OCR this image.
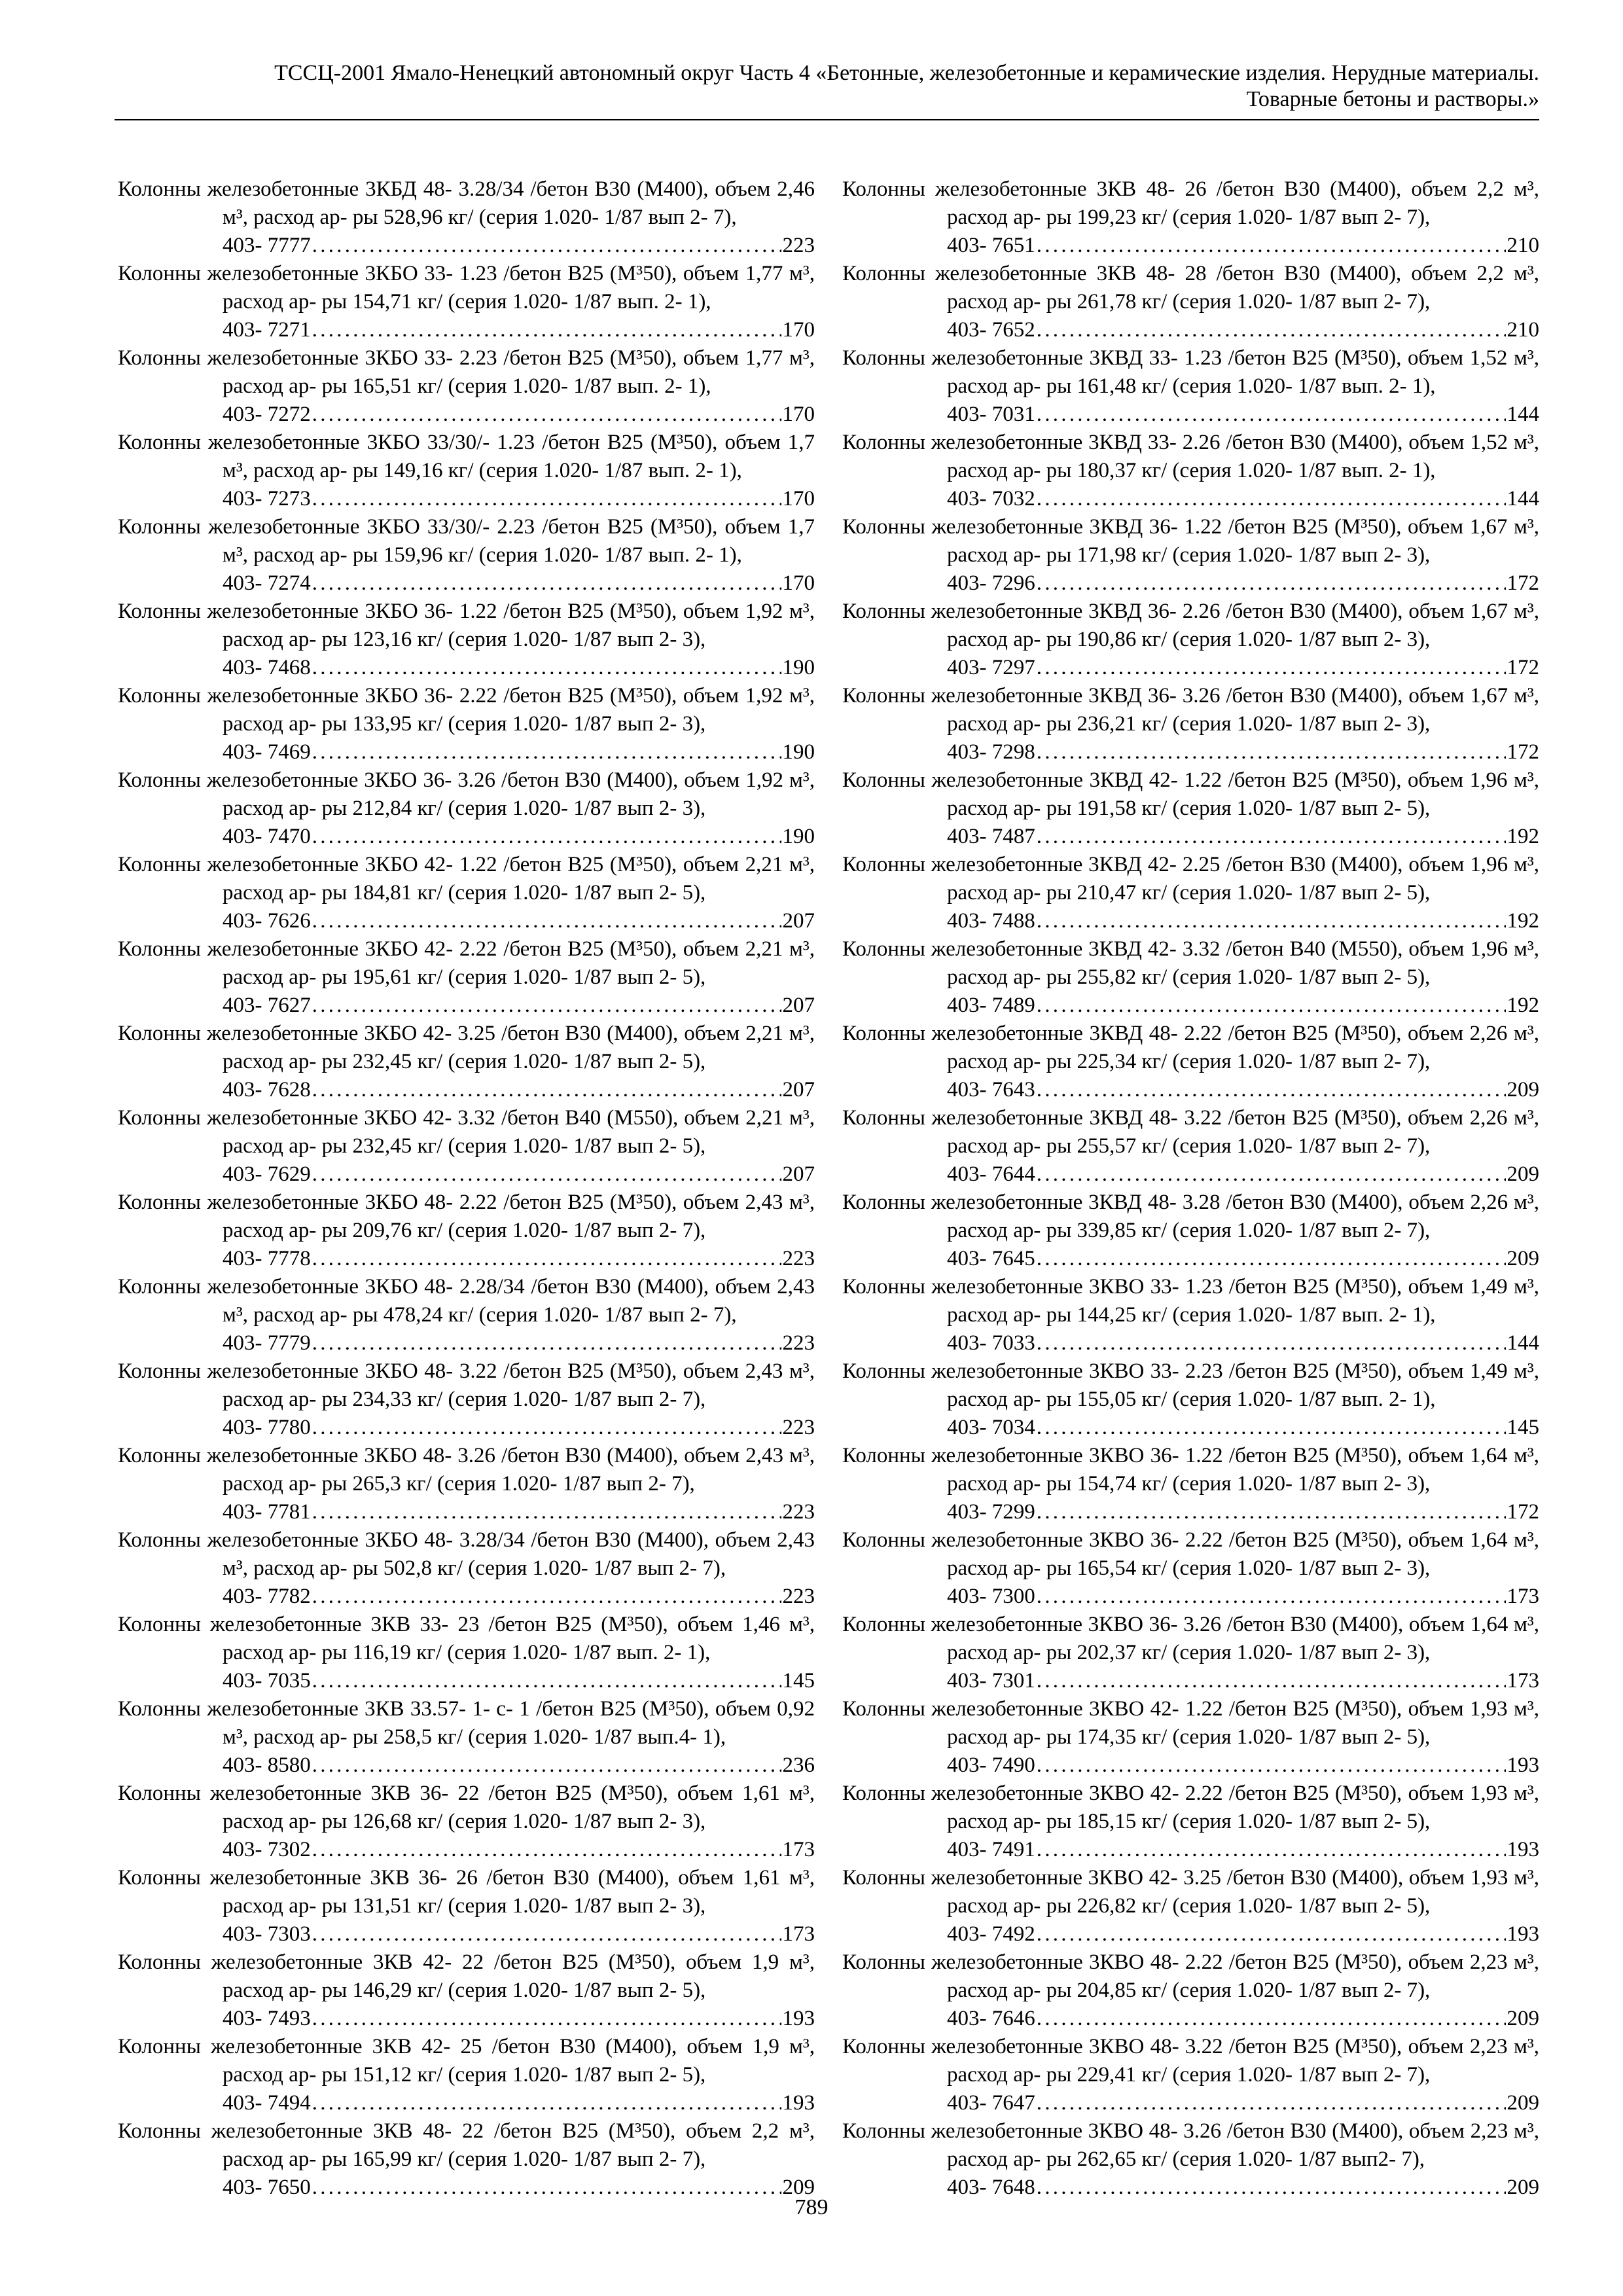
ТССЦ-2001 Ямало-Ненецкий автономный округ Часть 4 «Бетонные, железобетонные и керамические изделия. Нерудные материалы.
Товарные бетоны и растворы.»
Колонны железобетонные 3КБД 48- 3.28/34 /бетон В30 (М400), объем 2,46 м³, расход ар- ры 528,96 кг/ (серия 1.020- 1/87 вып 2- 7),
403- 7777 . . .	223
Колонны железобетонные 3КБО 33- 1.23 /бетон В25 (М³50), объем 1,77 м³, расход ар- ры 154,71 кг/ (серия 1.020- 1/87 вып. 2- 1),
403- 7271 . . .	170
Колонны железобетонные 3КБО 33- 2.23 /бетон В25 (М³50), объем 1,77 м³, расход ар- ры 165,51 кг/ (серия 1.020- 1/87 вып. 2- 1),
403- 7272 . . .	170
Колонны железобетонные 3КБО 33/30/- 1.23 /бетон В25 (М³50), объем 1,7 м³, расход ар- ры 149,16 кг/ (серия 1.020- 1/87 вып. 2- 1),
403- 7273 . . .	170
Колонны железобетонные 3КБО 33/30/- 2.23 /бетон В25 (М³50), объем 1,7 м³, расход ар- ры 159,96 кг/ (серия 1.020- 1/87 вып. 2- 1),
403- 7274 . . .	170
Колонны железобетонные 3КБО 36- 1.22 /бетон В25 (М³50), объем 1,92 м³, расход ар- ры 123,16 кг/ (серия 1.020- 1/87 вып 2- 3),
403- 7468 . . .	190
Колонны железобетонные 3КБО 36- 2.22 /бетон В25 (М³50), объем 1,92 м³, расход ар- ры 133,95 кг/ (серия 1.020- 1/87 вып 2- 3),
403- 7469 . . .	190
Колонны железобетонные 3КБО 36- 3.26 /бетон В30 (М400), объем 1,92 м³, расход ар- ры 212,84 кг/ (серия 1.020- 1/87 вып 2- 3),
403- 7470 . . .	190
Колонны железобетонные 3КБО 42- 1.22 /бетон В25 (М³50), объем 2,21 м³, расход ар- ры 184,81 кг/ (серия 1.020- 1/87 вып 2- 5),
403- 7626 . . .	207
Колонны железобетонные 3КБО 42- 2.22 /бетон В25 (М³50), объем 2,21 м³, расход ар- ры 195,61 кг/ (серия 1.020- 1/87 вып 2- 5),
403- 7627 . . .	207
Колонны железобетонные 3КБО 42- 3.25 /бетон В30 (М400), объем 2,21 м³, расход ар- ры 232,45 кг/ (серия 1.020- 1/87 вып 2- 5),
403- 7628 . . .	207
Колонны железобетонные 3КБО 42- 3.32 /бетон В40 (М550), объем 2,21 м³, расход ар- ры 232,45 кг/ (серия 1.020- 1/87 вып 2- 5),
403- 7629 . . .	207
Колонны железобетонные 3КБО 48- 2.22 /бетон В25 (М³50), объем 2,43 м³, расход ар- ры 209,76 кг/ (серия 1.020- 1/87 вып 2- 7),
403- 7778 . . .	223
Колонны железобетонные 3КБО 48- 2.28/34 /бетон В30 (М400), объем 2,43 м³, расход ар- ры 478,24 кг/ (серия 1.020- 1/87 вып 2- 7),
403- 7779 . . .	223
Колонны железобетонные 3КБО 48- 3.22 /бетон В25 (М³50), объем 2,43 м³, расход ар- ры 234,33 кг/ (серия 1.020- 1/87 вып 2- 7),
403- 7780 . . .	223
Колонны железобетонные 3КБО 48- 3.26 /бетон В30 (М400), объем 2,43 м³, расход ар- ры 265,3 кг/ (серия 1.020- 1/87 вып 2- 7),
403- 7781 . . .	223
Колонны железобетонные 3КБО 48- 3.28/34 /бетон В30 (М400), объем 2,43 м³, расход ар- ры 502,8 кг/ (серия 1.020- 1/87 вып 2- 7),
403- 7782 . . .	223
Колонны железобетонные 3КВ 33- 23 /бетон В25 (М³50), объем 1,46 м³, расход ар- ры 116,19 кг/ (серия 1.020- 1/87 вып. 2- 1),
403- 7035 . . .	145
Колонны железобетонные 3КВ 33.57- 1- с- 1 /бетон В25 (М³50), объем 0,92 м³, расход ар- ры 258,5 кг/ (серия 1.020- 1/87 вып.4- 1),
403- 8580 . . .	236
Колонны железобетонные 3КВ 36- 22 /бетон В25 (М³50), объем 1,61 м³, расход ар- ры 126,68 кг/ (серия 1.020- 1/87 вып 2- 3),
403- 7302 . . .	173
Колонны железобетонные 3КВ 36- 26 /бетон В30 (М400), объем 1,61 м³, расход ар- ры 131,51 кг/ (серия 1.020- 1/87 вып 2- 3),
403- 7303 . . .	173
Колонны железобетонные 3КВ 42- 22 /бетон В25 (М³50), объем 1,9 м³, расход ар- ры 146,29 кг/ (серия 1.020- 1/87 вып 2- 5),
403- 7493 . . .	193
Колонны железобетонные 3КВ 42- 25 /бетон В30 (М400), объем 1,9 м³, расход ар- ры 151,12 кг/ (серия 1.020- 1/87 вып 2- 5),
403- 7494 . . .	193
Колонны железобетонные 3КВ 48- 22 /бетон В25 (М³50), объем 2,2 м³, расход ар- ры 165,99 кг/ (серия 1.020- 1/87 вып 2- 7),
403- 7650 . . .	209
Колонны железобетонные 3КВ 48- 26 /бетон В30 (М400), объем 2,2 м³, расход ар- ры 199,23 кг/ (серия 1.020- 1/87 вып 2- 7),
403- 7651 . . .	210
Колонны железобетонные 3КВ 48- 28 /бетон В30 (М400), объем 2,2 м³, расход ар- ры 261,78 кг/ (серия 1.020- 1/87 вып 2- 7),
403- 7652 . . .	210
Колонны железобетонные 3КВД 33- 1.23 /бетон В25 (М³50), объем 1,52 м³, расход ар- ры 161,48 кг/ (серия 1.020- 1/87 вып. 2- 1),
403- 7031 . . .	144
Колонны железобетонные 3КВД 33- 2.26 /бетон В30 (М400), объем 1,52 м³, расход ар- ры 180,37 кг/ (серия 1.020- 1/87 вып. 2- 1),
403- 7032 . . .	144
Колонны железобетонные 3КВД 36- 1.22 /бетон В25 (М³50), объем 1,67 м³, расход ар- ры 171,98 кг/ (серия 1.020- 1/87 вып 2- 3),
403- 7296 . . .	172
Колонны железобетонные 3КВД 36- 2.26 /бетон В30 (М400), объем 1,67 м³, расход ар- ры 190,86 кг/ (серия 1.020- 1/87 вып 2- 3),
403- 7297 . . .	172
Колонны железобетонные 3КВД 36- 3.26 /бетон В30 (М400), объем 1,67 м³, расход ар- ры 236,21 кг/ (серия 1.020- 1/87 вып 2- 3),
403- 7298 . . .	172
Колонны железобетонные 3КВД 42- 1.22 /бетон В25 (М³50), объем 1,96 м³, расход ар- ры 191,58 кг/ (серия 1.020- 1/87 вып 2- 5),
403- 7487 . . .	192
Колонны железобетонные 3КВД 42- 2.25 /бетон В30 (М400), объем 1,96 м³, расход ар- ры 210,47 кг/ (серия 1.020- 1/87 вып 2- 5),
403- 7488 . . .	192
Колонны железобетонные 3КВД 42- 3.32 /бетон В40 (М550), объем 1,96 м³, расход ар- ры 255,82 кг/ (серия 1.020- 1/87 вып 2- 5),
403- 7489 . . .	192
Колонны железобетонные 3КВД 48- 2.22 /бетон В25 (М³50), объем 2,26 м³, расход ар- ры 225,34 кг/ (серия 1.020- 1/87 вып 2- 7),
403- 7643 . . .	209
Колонны железобетонные 3КВД 48- 3.22 /бетон В25 (М³50), объем 2,26 м³, расход ар- ры 255,57 кг/ (серия 1.020- 1/87 вып 2- 7),
403- 7644 . . .	209
Колонны железобетонные 3КВД 48- 3.28 /бетон В30 (М400), объем 2,26 м³, расход ар- ры 339,85 кг/ (серия 1.020- 1/87 вып 2- 7),
403- 7645 . . .	209
Колонны железобетонные 3КВО 33- 1.23 /бетон В25 (М³50), объем 1,49 м³, расход ар- ры 144,25 кг/ (серия 1.020- 1/87 вып. 2- 1),
403- 7033 . . .	144
Колонны железобетонные 3КВО 33- 2.23 /бетон В25 (М³50), объем 1,49 м³, расход ар- ры 155,05 кг/ (серия 1.020- 1/87 вып. 2- 1),
403- 7034 . . .	145
Колонны железобетонные 3КВО 36- 1.22 /бетон В25 (М³50), объем 1,64 м³, расход ар- ры 154,74 кг/ (серия 1.020- 1/87 вып 2- 3),
403- 7299 . . .	172
Колонны железобетонные 3КВО 36- 2.22 /бетон В25 (М³50), объем 1,64 м³, расход ар- ры 165,54 кг/ (серия 1.020- 1/87 вып 2- 3),
403- 7300 . . .	173
Колонны железобетонные 3КВО 36- 3.26 /бетон В30 (М400), объем 1,64 м³, расход ар- ры 202,37 кг/ (серия 1.020- 1/87 вып 2- 3),
403- 7301 . . .	173
Колонны железобетонные 3КВО 42- 1.22 /бетон В25 (М³50), объем 1,93 м³, расход ар- ры 174,35 кг/ (серия 1.020- 1/87 вып 2- 5),
403- 7490 . . .	193
Колонны железобетонные 3КВО 42- 2.22 /бетон В25 (М³50), объем 1,93 м³, расход ар- ры 185,15 кг/ (серия 1.020- 1/87 вып 2- 5),
403- 7491 . . .	193
Колонны железобетонные 3КВО 42- 3.25 /бетон В30 (М400), объем 1,93 м³, расход ар- ры 226,82 кг/ (серия 1.020- 1/87 вып 2- 5),
403- 7492 . . .	193
Колонны железобетонные 3КВО 48- 2.22 /бетон В25 (М³50), объем 2,23 м³, расход ар- ры 204,85 кг/ (серия 1.020- 1/87 вып 2- 7),
403- 7646 . . .	209
Колонны железобетонные 3КВО 48- 3.22 /бетон В25 (М³50), объем 2,23 м³, расход ар- ры 229,41 кг/ (серия 1.020- 1/87 вып 2- 7),
403- 7647 . . .	209
Колонны железобетонные 3КВО 48- 3.26 /бетон В30 (М400), объем 2,23 м³, расход ар- ры 262,65 кг/ (серия 1.020- 1/87 вып2- 7),
403- 7648 . . .	209
789
